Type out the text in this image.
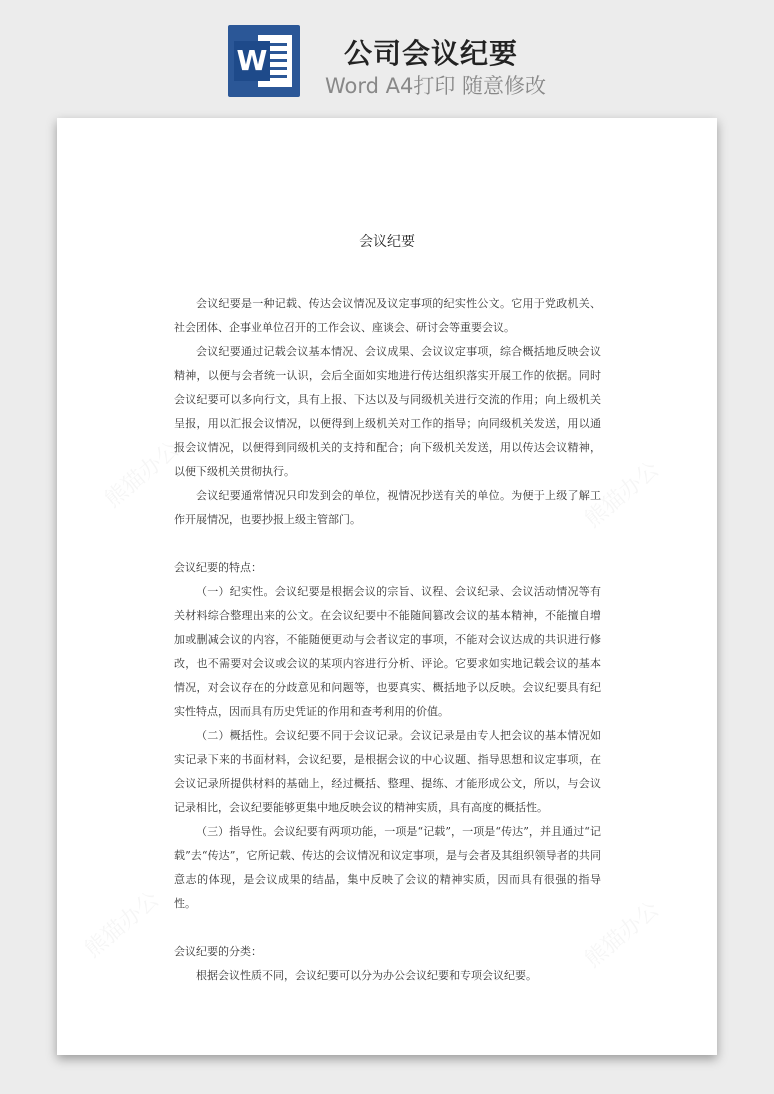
W	公司会议纪要
Word A4打印 随意修改
会议纪要

会议纪要是一种记载、传达会议情况及议定事项的纪实性公文。它用于党政机关、社会团体、企事业单位召开的工作会议、座谈会、研讨会等重要会议。

会议纪要通过记载会议基本情况、会议成果、会议议定事项，综合概括地反映会议精神，以便与会者统一认识，会后全面如实地进行传达组织落实开展工作的依据。同时会议纪要可以多向行文，具有上报、下达以及与同级机关进行交流的作用；向上级机关呈报，用以汇报会议情况，以便得到上级机关对工作的指导；向同级机关发送，用以通报会议情况，以便得到同级机关的支持和配合；向下级机关发送，用以传达会议精神，以便下级机关贯彻执行。

会议纪要通常情况只印发到会的单位，视情况抄送有关的单位。为便于上级了解工作开展情况，也要抄报上级主管部门。

会议纪要的特点：

（一）纪实性。会议纪要是根据会议的宗旨、议程、会议纪录、会议活动情况等有关材料综合整理出来的公文。在会议纪要中不能随间篡改会议的基本精神，不能擅自增加或删减会议的内容，不能随便更动与会者议定的事项，不能对会议达成的共识进行修改，也不需要对会议或会议的某项内容进行分析、评论。它要求如实地记载会议的基本情况，对会议存在的分歧意见和问题等，也要真实、概括地予以反映。会议纪要具有纪实性特点，因而具有历史凭证的作用和查考利用的价值。

（二）概括性。会议纪要不同于会议记录。会议记录是由专人把会议的基本情况如实记录下来的书面材料，会议纪要，是根据会议的中心议题、指导思想和议定事项，在会议记录所提供材料的基础上，经过概括、整理、提练、才能形成公文，所以，与会议记录相比，会议纪要能够更集中地反映会议的精神实质，具有高度的概括性。

（三）指导性。会议纪要有两项功能，一项是“记载”，一项是“传达”，并且通过“记载”去“传达”，它所记载、传达的会议情况和议定事项，是与会者及其组织领导者的共同意志的体现，是会议成果的结晶，集中反映了会议的精神实质，因而具有很强的指导性。

会议纪要的分类：

根据会议性质不同，会议纪要可以分为办公会议纪要和专项会议纪要。
